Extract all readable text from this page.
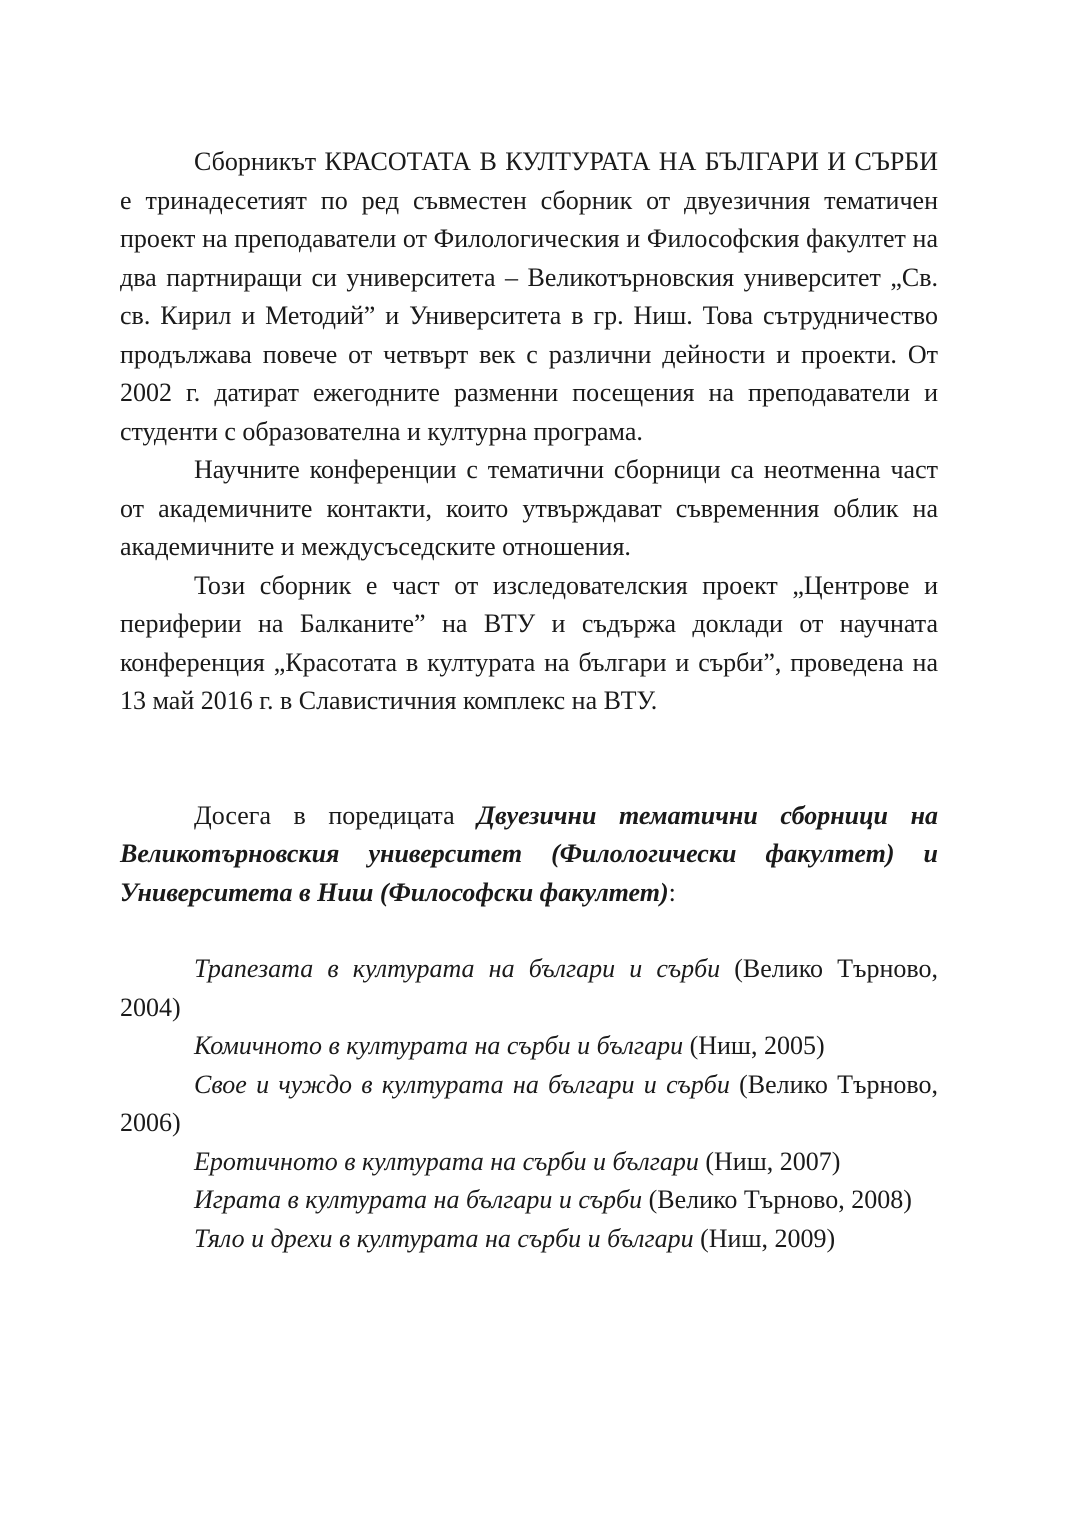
Сборникът КРАСОТАТА В КУЛТУРАТА НА БЪЛГАРИ И СЪРБИ е тринадесетият по ред съвместен сборник от двуезичния тематичен проект на преподаватели от Филологическия и Философския факултет на два партниращи си университета – Великотърновския университет „Св. св. Кирил и Методий” и Университета в гр. Ниш. Това сътрудничество продължава повече от четвърт век с различни дейности и проекти. От 2002 г. датират ежегодните разменни посещения на преподаватели и студенти с образователна и културна програма.

Научните конференции с тематични сборници са неотменна част от академичните контакти, които утвърждават съвременния облик на академичните и междусъседските отношения.

Този сборник е част от изследователския проект „Центрове и периферии на Балканите” на ВТУ и съдържа доклади от научната конференция „Красотата в културата на българи и сърби”, проведена на 13 май 2016 г. в Славистичния комплекс на ВТУ.

Досега в поредицата Двуезични тематични сборници на Великотърновския университет (Филологически факултет) и Университета в Ниш (Философски факултет):

Трапезата в културата на българи и сърби (Велико Търново, 2004)

Комичното в културата на сърби и българи (Ниш, 2005)

Свое и чуждо в културата на българи и сърби (Велико Търново, 2006)

Еротичното в културата на сърби и българи (Ниш, 2007)

Играта в културата на българи и сърби (Велико Търново, 2008)

Тяло и дрехи в културата на сърби и българи (Ниш, 2009)
